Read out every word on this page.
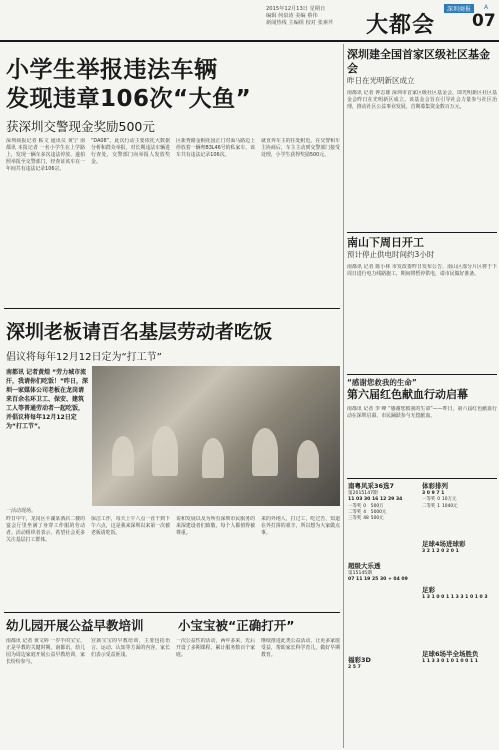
2015年12月13日 星期日
编辑 何泉涛 美编 蔡伟
新闻热线 主编组 校对 张素芹	大都会
深圳商报	A
07
小学生举报违法车辆
发现违章106次“大鱼”
获深圳交警现金奖励500元

深圳商报记者 粘文 通讯员 黄宁 南都讯 本报记者 一名小学生在上学路上，发现一辆车多次违法停放，遂拍照举报至交警部门，经查证该车在一年间共有违法记录106宗。

“DA08”。此次行动主要依托大数据分析和群众举报，对长期违法车辆进行查处，交警部门向举报人发放奖金。

区新秀路金桐花园正门对面马路边上停放着一辆粤B3L46号的私家车，该车共有违法记录106次。

就直奔车主的住处附近，在交警和车主协商后，车主主动到交警部门接受处理，小学生获得奖励500元。

深圳老板请百名基层劳动者吃饭
倡议将每年12月12日定为“打工节”
南都讯 记者黄煌 “劳力城市流汗，我请你们吃饭！”昨日，深圳一家媒体公司老板在龙岗请来百余名环卫工、保安、建筑工人等普通劳动者一起吃饭，并倡议将每年12月12日定为“打工节”。
一活动现场。

昨日中午，龙岗区平湖某酒店二楼的宴会厅里坐满了身穿工作服的劳动者。活动组织者表示，希望社会更多关注基层打工群体。

保洁工作，每天上午八点一直干到下午六点，这是我来深圳以来第一次被老板请吃饭。

说和发展以及为所有深圳市民服务的来深建设者们致敬，每个人都值得被尊重。

来的外地人，打过工，吃过苦，知道在外打拼的艰辛，所以想为大家做点事。

幼儿园开展公益早教培训	小宝宝被“正确打开”

南都讯 记者 黄文婷 一岁半的宝宝，正是早教的关键时期。南都讯，幼儿园为周边家庭开展公益早教培训，家长纷纷参与。

宫颈宝宝的早教培训，主要包括语言、运动、认知等方面的内容，家长们表示受益匪浅。

一次公益性的活动，两年多来，先后开设了多期课程，累计服务数百个家庭。

继续推进此类公益活动，让更多家庭受益，帮助家长科学育儿，做好早期教育。

深圳建全国首家区级社区基金会
昨日在光明新区成立
南都讯 记者 钟志雄 深圳市首家区级社区基金会，即光明新区社区基金会昨日在光明新区成立。该基金会旨在引导社会力量参与社区治理，推动社区公益事业发展，首期募集资金数百万元。
南山下周日开工
预计停止供电时间约3小时
南都讯 记者 陈小林 市发改委昨日发布公告，南山区部分片区将于下周日进行电力线路施工，期间将暂停供电，请市民做好准备。
“感谢您救我的生命”
第六届红色献血行动启幕
南都讯 记者 李 峰 “感谢您救我的生命”——昨日，第六届红色献血行动在深圳启幕，市民踊跃参与无偿献血。
南粤风采36选7
第2015147期
11 03 30 16 12 29 34
一等奖	0	500万
二等奖	4	5000元
三等奖	48	500元
体彩排列
3 0 9 7 1
一等奖	0	10万元
二等奖	1	1040元
超级大乐透
第15145期
07 11 19 25 30 + 04 09
足球4场进球彩
3 2 1 2 0 2 0 1
足彩
1 3 1 0 0 1 1 3 3 1 0 1 0 3
福彩3D
2 5 7
足球6场半全场胜负
1 1 3 3 0 1 0 1 0 0 1 1
